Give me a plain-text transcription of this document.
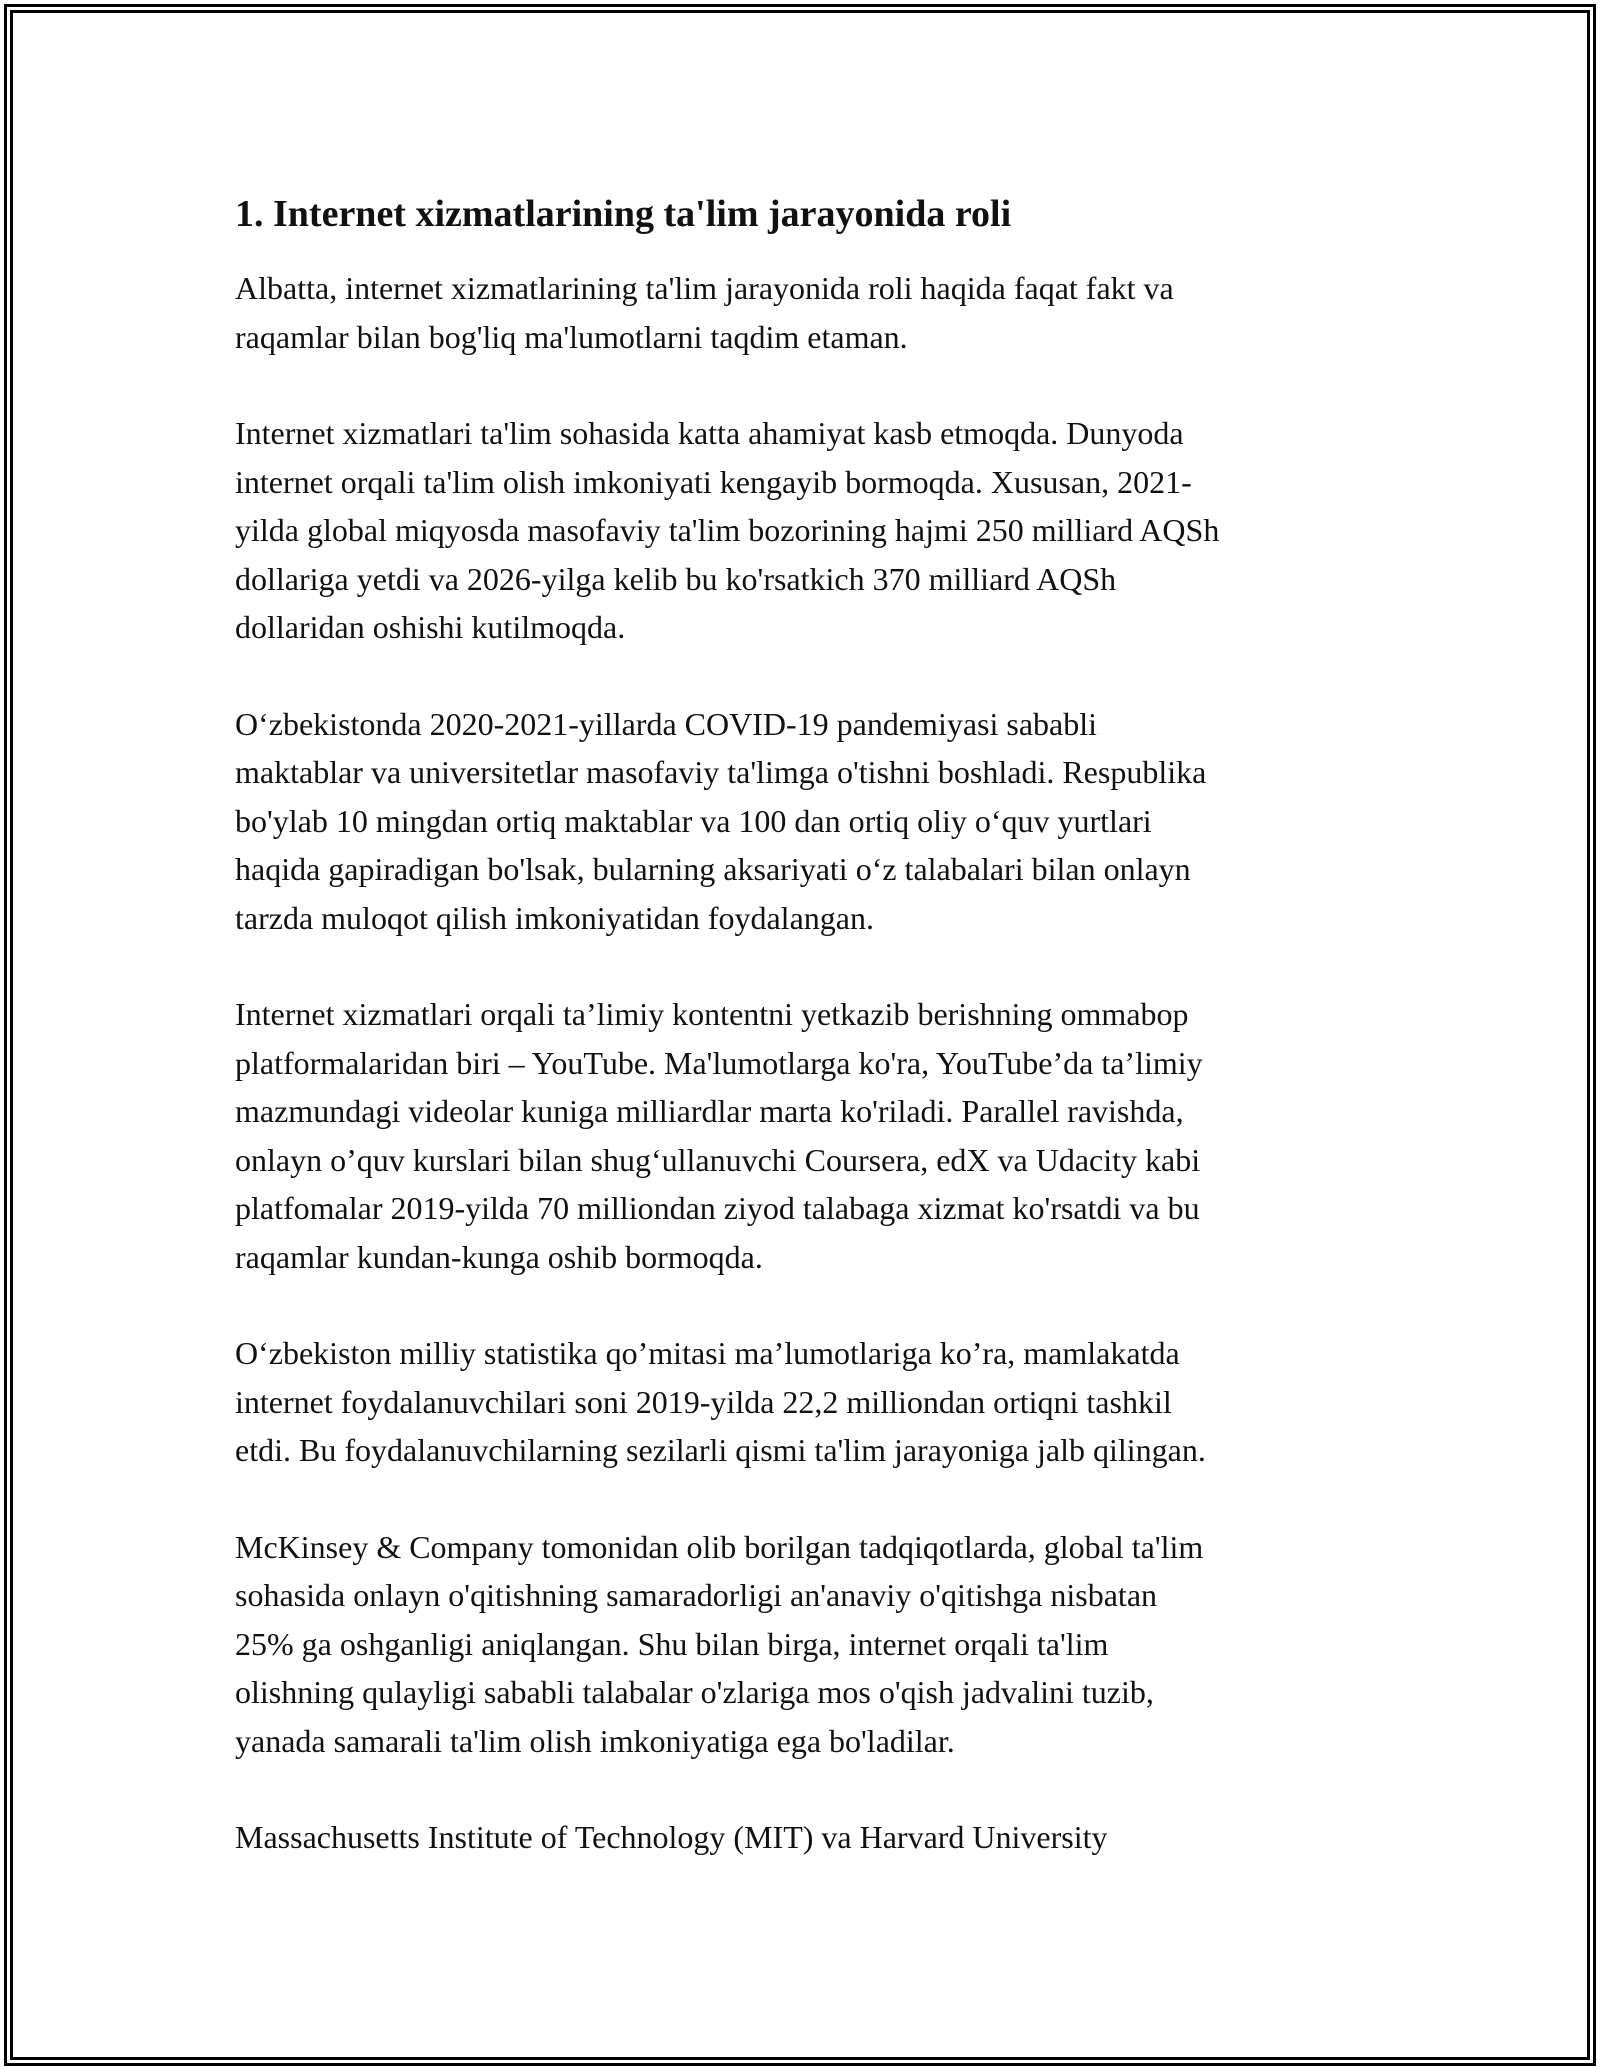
1. Internet xizmatlarining ta'lim jarayonida roli

Albatta, internet xizmatlarining ta'lim jarayonida roli haqida faqat fakt va
raqamlar bilan bog'liq ma'lumotlarni taqdim etaman.

Internet xizmatlari ta'lim sohasida katta ahamiyat kasb etmoqda. Dunyoda
internet orqali ta'lim olish imkoniyati kengayib bormoqda. Xususan, 2021-
yilda global miqyosda masofaviy ta'lim bozorining hajmi 250 milliard AQSh
dollariga yetdi va 2026-yilga kelib bu ko'rsatkich 370 milliard AQSh
dollaridan oshishi kutilmoqda.

O‘zbekistonda 2020-2021-yillarda COVID-19 pandemiyasi sababli
maktablar va universitetlar masofaviy ta'limga o'tishni boshladi. Respublika
bo'ylab 10 mingdan ortiq maktablar va 100 dan ortiq oliy o‘quv yurtlari
haqida gapiradigan bo'lsak, bularning aksariyati o‘z talabalari bilan onlayn
tarzda muloqot qilish imkoniyatidan foydalangan.

Internet xizmatlari orqali ta’limiy kontentni yetkazib berishning ommabop
platformalaridan biri – YouTube. Ma'lumotlarga ko'ra, YouTube’da ta’limiy
mazmundagi videolar kuniga milliardlar marta ko'riladi. Parallel ravishda,
onlayn o’quv kurslari bilan shug‘ullanuvchi Coursera, edX va Udacity kabi
platfomalar 2019-yilda 70 milliondan ziyod talabaga xizmat ko'rsatdi va bu
raqamlar kundan-kunga oshib bormoqda.

O‘zbekiston milliy statistika qo’mitasi ma’lumotlariga ko’ra, mamlakatda
internet foydalanuvchilari soni 2019-yilda 22,2 milliondan ortiqni tashkil
etdi. Bu foydalanuvchilarning sezilarli qismi ta'lim jarayoniga jalb qilingan.

McKinsey & Company tomonidan olib borilgan tadqiqotlarda, global ta'lim
sohasida onlayn o'qitishning samaradorligi an'anaviy o'qitishga nisbatan
25% ga oshganligi aniqlangan. Shu bilan birga, internet orqali ta'lim
olishning qulayligi sababli talabalar o'zlariga mos o'qish jadvalini tuzib,
yanada samarali ta'lim olish imkoniyatiga ega bo'ladilar.

Massachusetts Institute of Technology (MIT) va Harvard University
